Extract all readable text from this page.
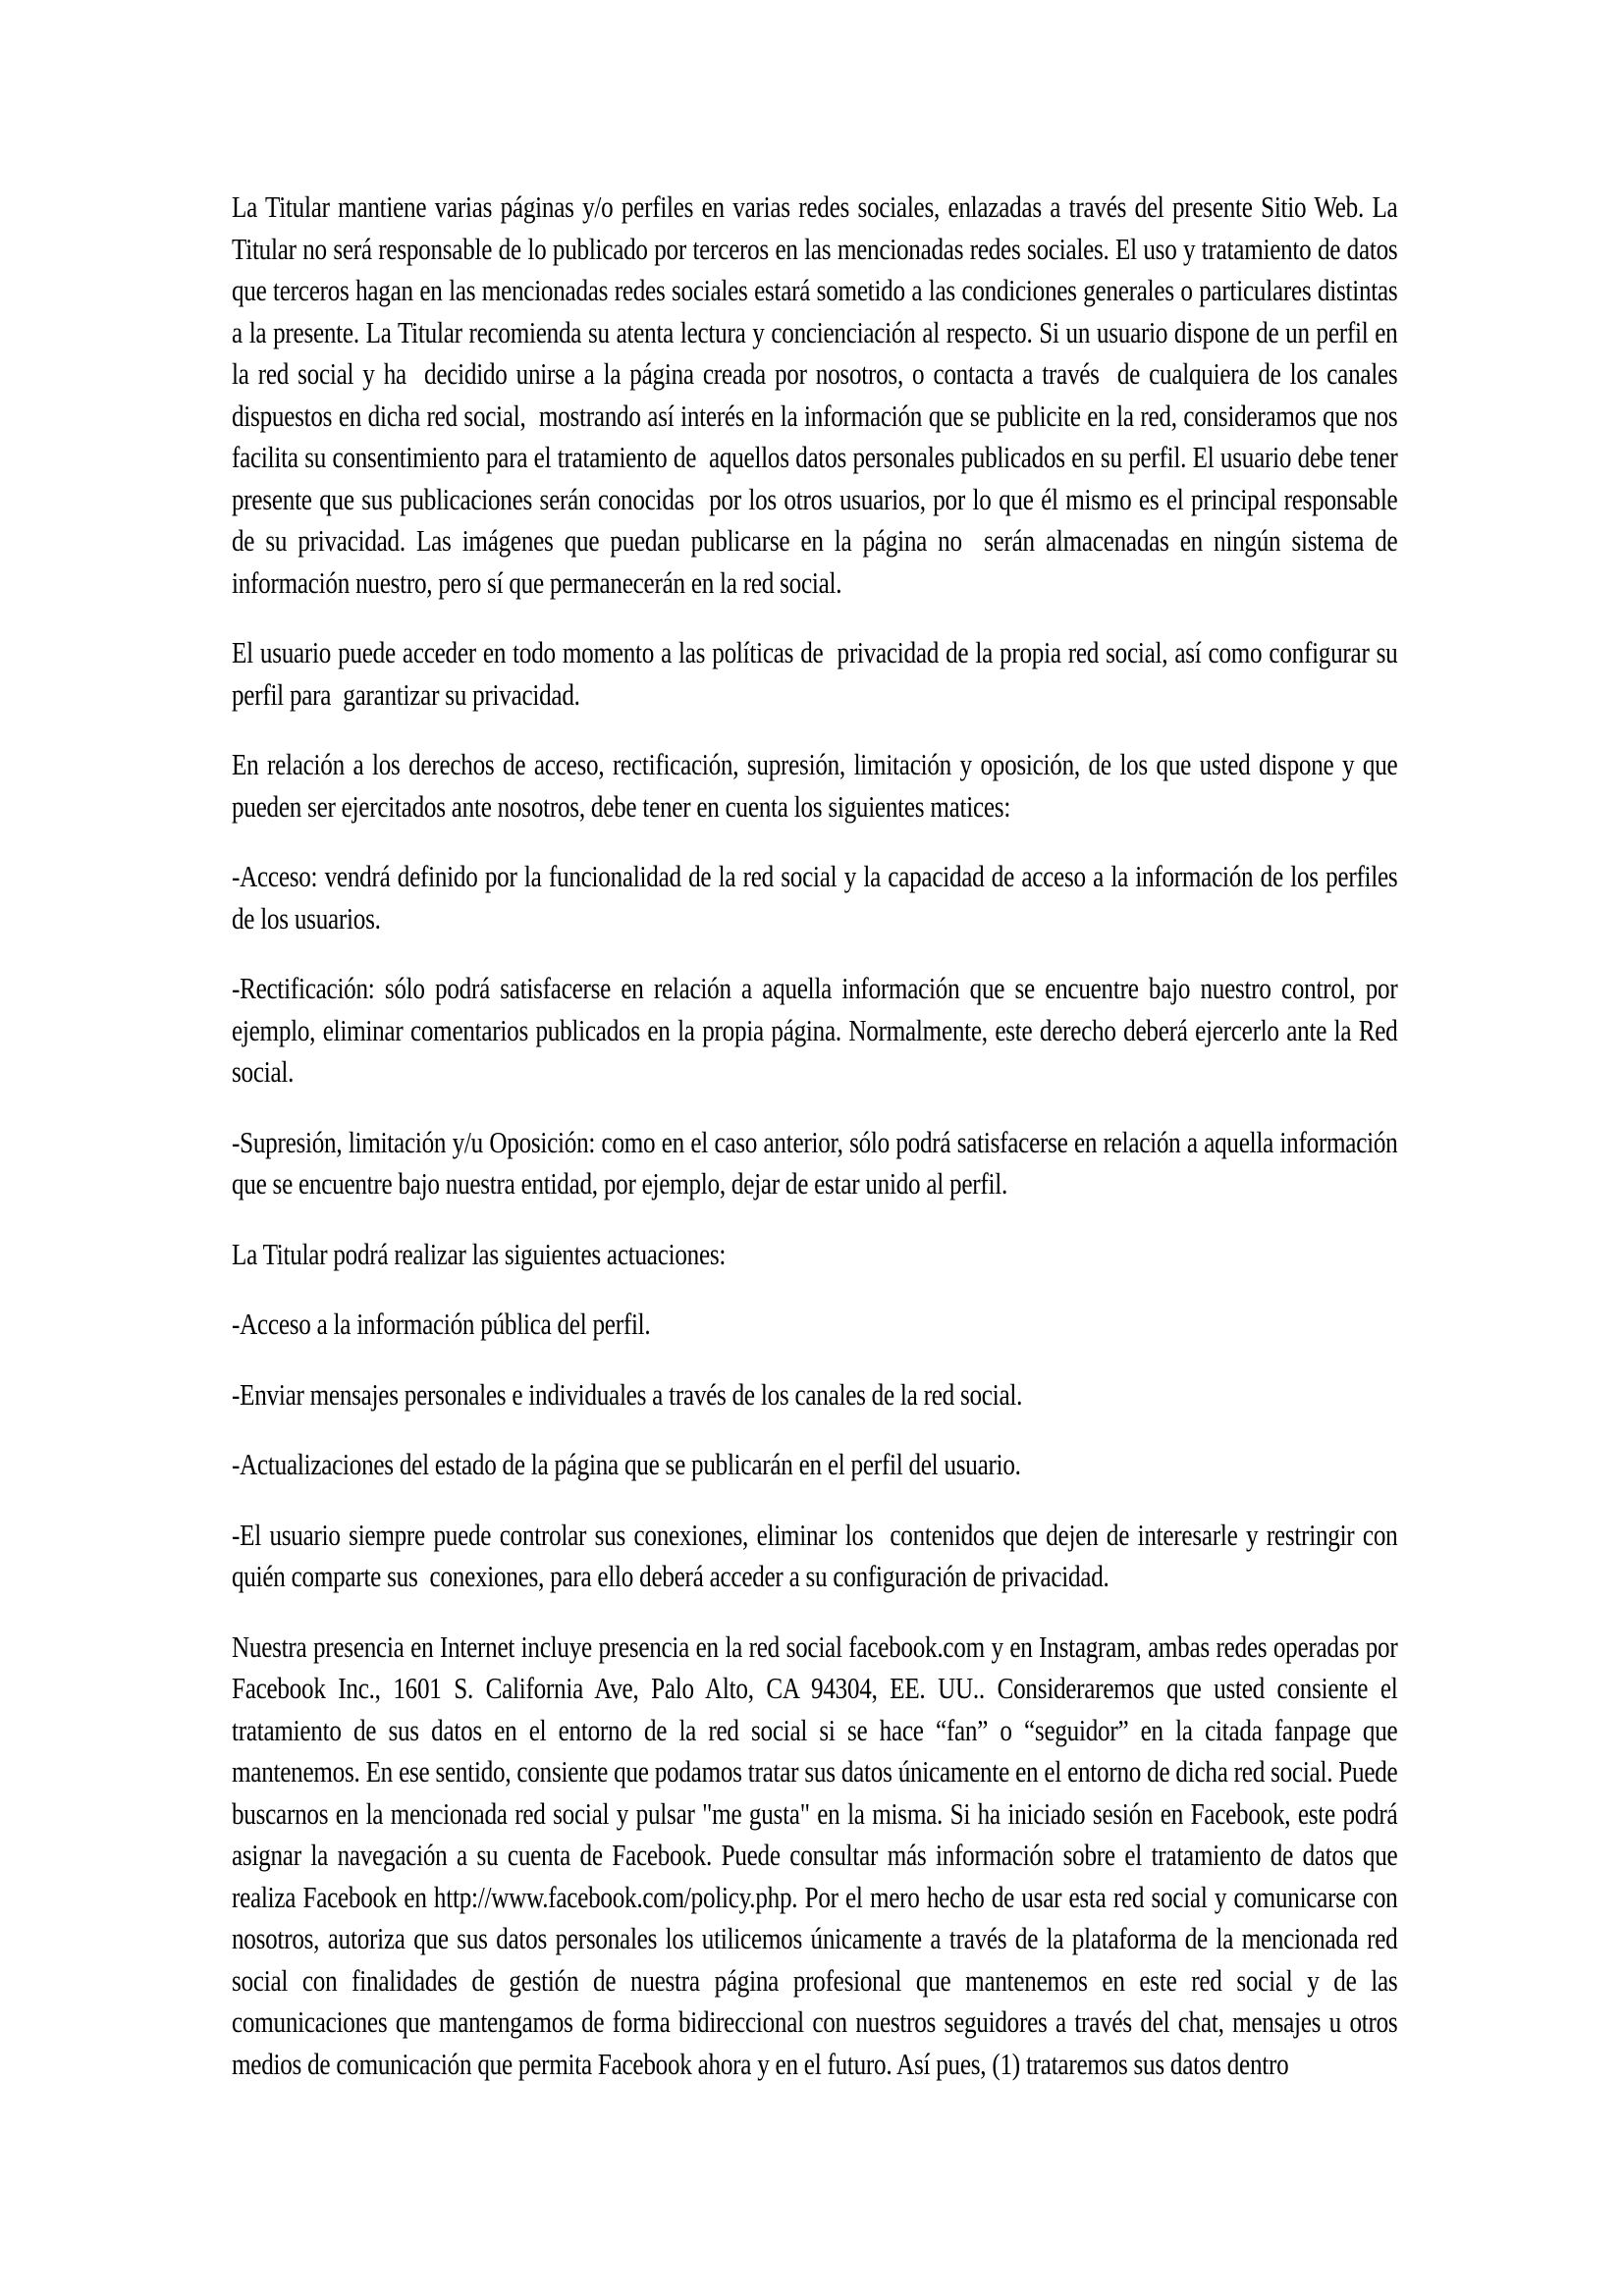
La Titular mantiene varias páginas y/o perfiles en varias redes sociales, enlazadas a través del presente Sitio Web. La Titular no será responsable de lo publicado por terceros en las mencionadas redes sociales. El uso y tratamiento de datos que terceros hagan en las mencionadas redes sociales estará sometido a las condiciones generales o particulares distintas a la presente. La Titular recomienda su atenta lectura y concienciación al respecto. Si un usuario dispone de un perfil en la red social y ha  decidido unirse a la página creada por nosotros, o contacta a través  de cualquiera de los canales dispuestos en dicha red social,  mostrando así interés en la información que se publicite en la red, consideramos que nos facilita su consentimiento para el tratamiento de  aquellos datos personales publicados en su perfil. El usuario debe tener presente que sus publicaciones serán conocidas  por los otros usuarios, por lo que él mismo es el principal responsable  de su privacidad. Las imágenes que puedan publicarse en la página no  serán almacenadas en ningún sistema de información nuestro, pero sí que permanecerán en la red social.

El usuario puede acceder en todo momento a las políticas de  privacidad de la propia red social, así como configurar su perfil para  garantizar su privacidad.

En relación a los derechos de acceso, rectificación, supresión, limitación y oposición, de los que usted dispone y que pueden ser ejercitados ante nosotros, debe tener en cuenta los siguientes matices:

-Acceso: vendrá definido por la funcionalidad de la red social y la capacidad de acceso a la información de los perfiles de los usuarios.

-Rectificación: sólo podrá satisfacerse en relación a aquella información que se encuentre bajo nuestro control, por ejemplo, eliminar comentarios publicados en la propia página. Normalmente, este derecho deberá ejercerlo ante la Red social.

-Supresión, limitación y/u Oposición: como en el caso anterior, sólo podrá satisfacerse en relación a aquella información que se encuentre bajo nuestra entidad, por ejemplo, dejar de estar unido al perfil.

La Titular podrá realizar las siguientes actuaciones:

-Acceso a la información pública del perfil.

-Enviar mensajes personales e individuales a través de los canales de la red social.

-Actualizaciones del estado de la página que se publicarán en el perfil del usuario.

-El usuario siempre puede controlar sus conexiones, eliminar los  contenidos que dejen de interesarle y restringir con quién comparte sus  conexiones, para ello deberá acceder a su configuración de privacidad.

Nuestra presencia en Internet incluye presencia en la red social facebook.com y en Instagram, ambas redes operadas por Facebook Inc., 1601 S. California Ave, Palo Alto, CA 94304, EE. UU.. Consideraremos que usted consiente el tratamiento de sus datos en el entorno de la red social si se hace “fan” o “seguidor” en la citada fanpage que mantenemos. En ese sentido, consiente que podamos tratar sus datos únicamente en el entorno de dicha red social. Puede buscarnos en la mencionada red social y pulsar "me gusta" en la misma. Si ha iniciado sesión en Facebook, este podrá asignar la navegación a su cuenta de Facebook. Puede consultar más información sobre el tratamiento de datos que realiza Facebook en http://www.facebook.com/policy.php. Por el mero hecho de usar esta red social y comunicarse con nosotros, autoriza que sus datos personales los utilicemos únicamente a través de la plataforma de la mencionada red social con finalidades de gestión de nuestra página profesional que mantenemos en este red social y de las comunicaciones que mantengamos de forma bidireccional con nuestros seguidores a través del chat, mensajes u otros medios de comunicación que permita Facebook ahora y en el futuro. Así pues, (1) trataremos sus datos dentro
